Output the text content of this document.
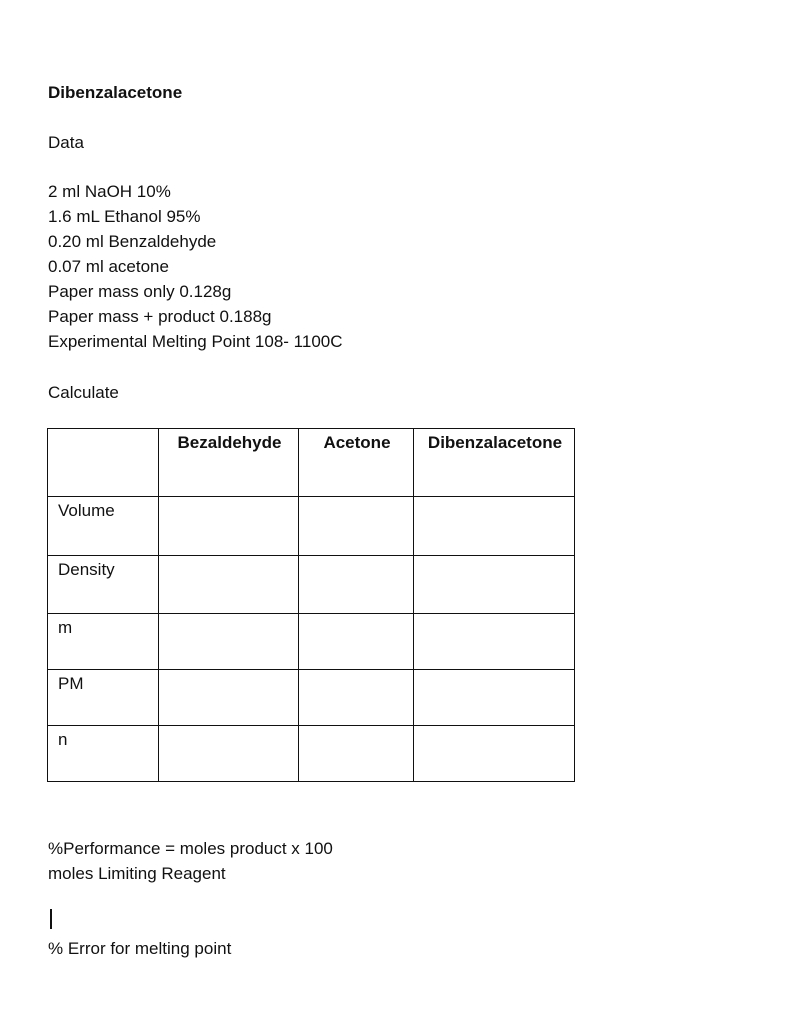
Dibenzalacetone
Data
2 ml NaOH 10%
1.6 mL Ethanol 95%
0.20 ml Benzaldehyde
0.07 ml acetone
Paper mass only 0.128g
Paper mass + product 0.188g
Experimental Melting Point 108- 1100C
Calculate

	Bezaldehyde	Acetone	Dibenzalacetone

Volume			

Density			

m			

PM			

n			

%Performance = moles product x 100
moles Limiting Reagent
% Error for melting point
